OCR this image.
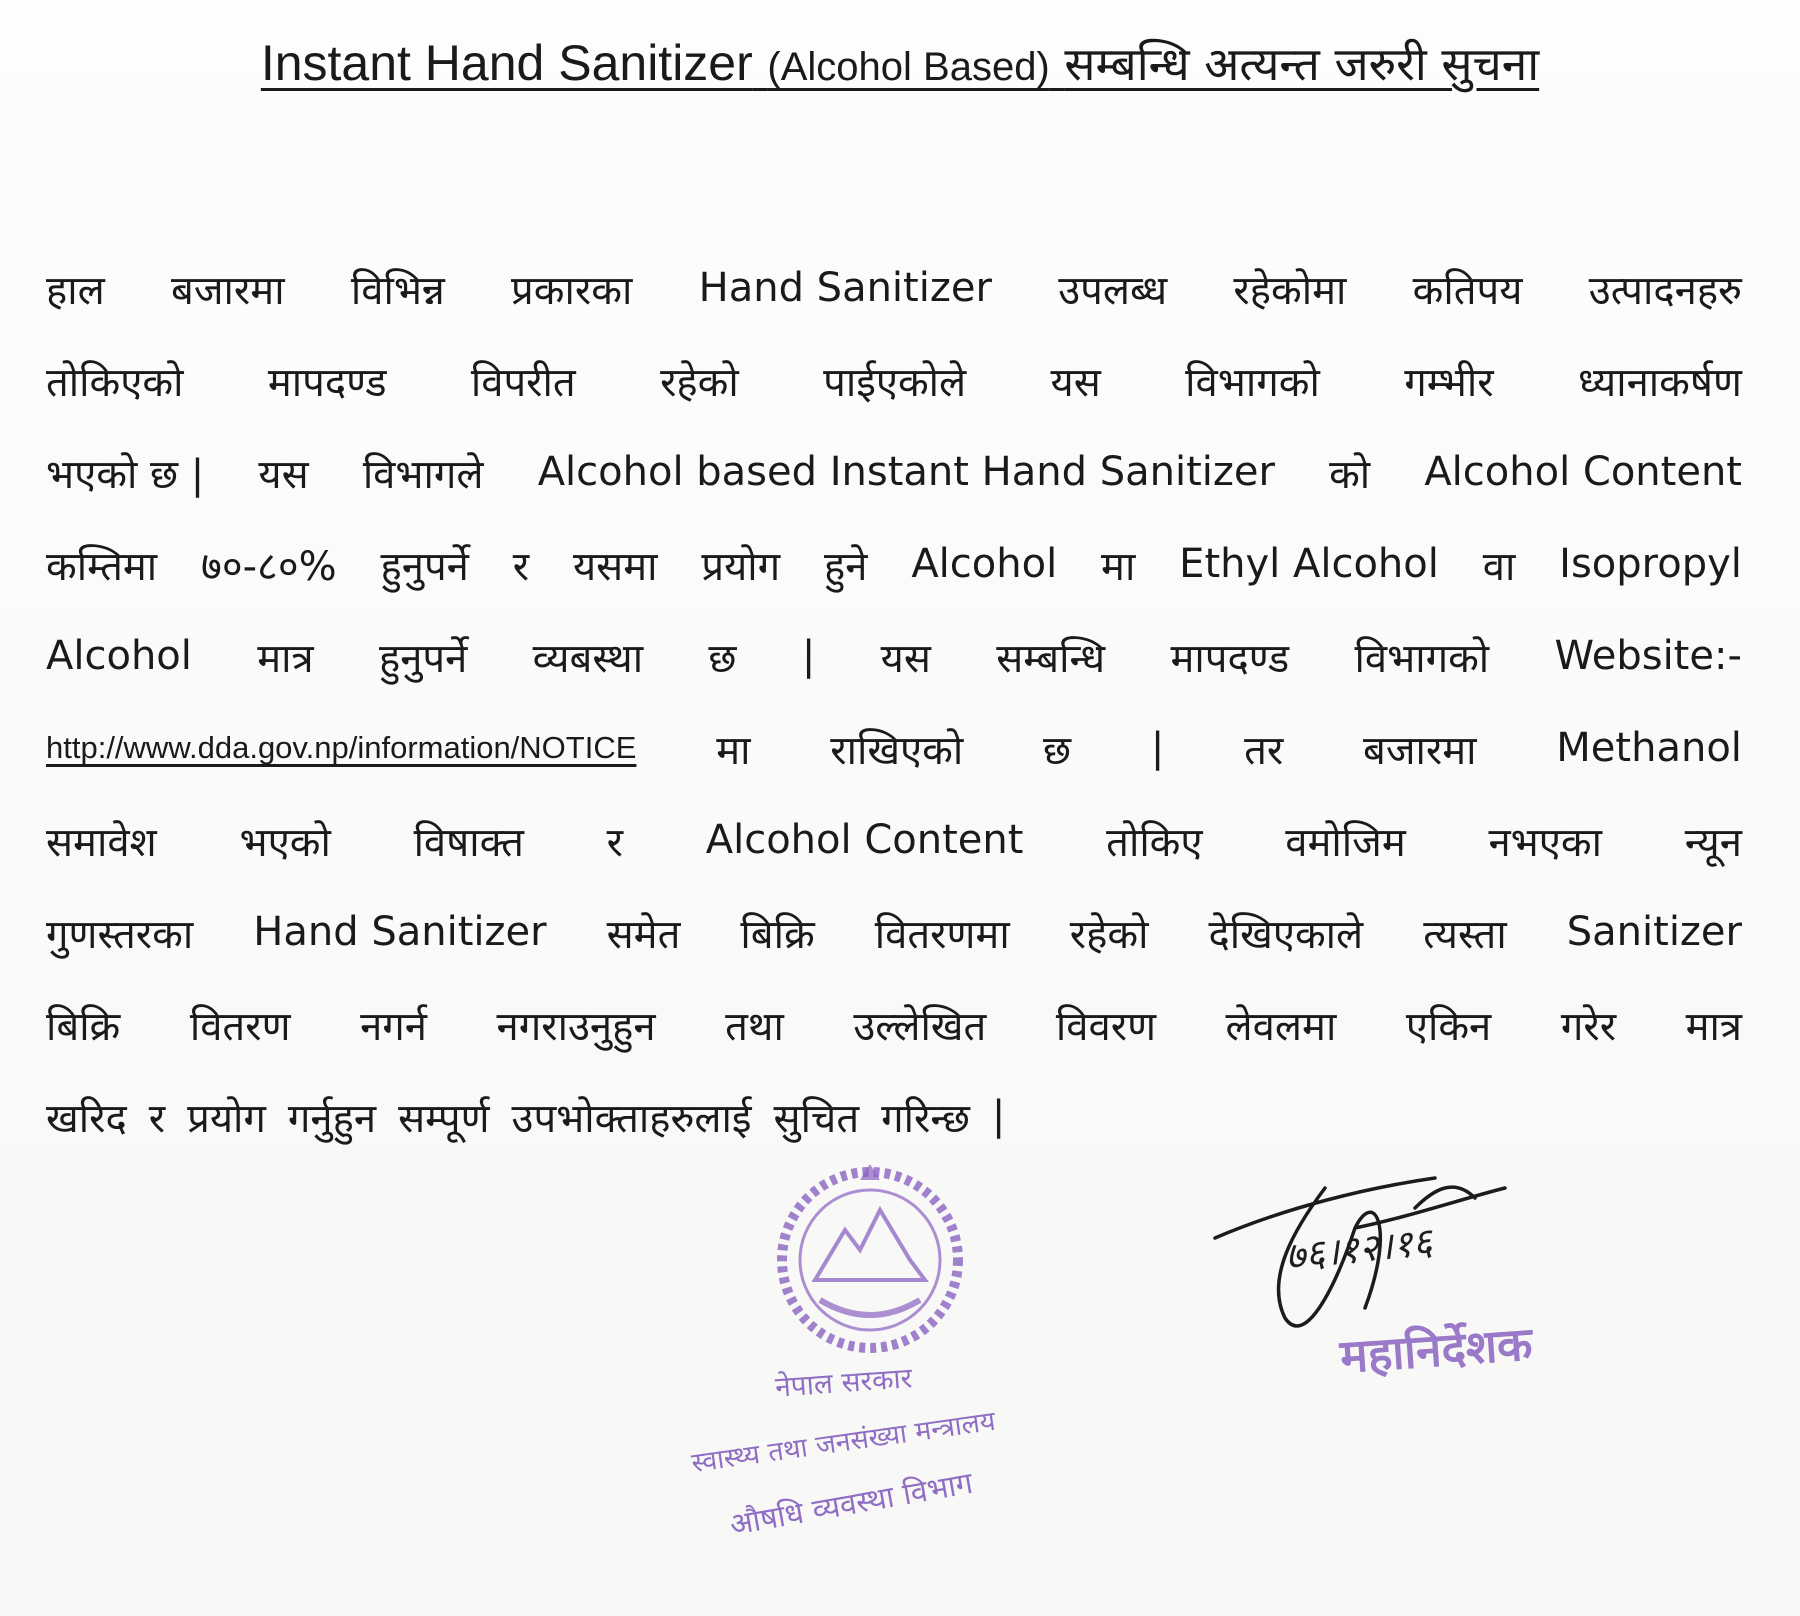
Instant Hand Sanitizer (Alcohol Based) सम्बन्धि अत्यन्त जरुरी सुचना
हाल बजारमा विभिन्न प्रकारका Hand Sanitizer उपलब्ध रहेकोमा कतिपय उत्पादनहरु
तोकिएको मापदण्ड विपरीत रहेको पाईएकोले यस विभागको गम्भीर ध्यानाकर्षण
भएको छ | यस विभागले Alcohol based Instant Hand Sanitizer को Alcohol Content
कम्तिमा ७०-८०% हुनुपर्ने र यसमा प्रयोग हुने Alcohol मा Ethyl Alcohol वा Isopropyl
Alcohol मात्र हुनुपर्ने व्यबस्था छ | यस सम्बन्धि मापदण्ड विभागको Website:-
http://www.dda.gov.np/information/NOTICE मा राखिएको छ | तर बजारमा Methanol
समावेश भएको विषाक्त र Alcohol Content तोकिए वमोजिम नभएका न्यून
गुणस्तरका Hand Sanitizer समेत बिक्रि वितरणमा रहेको देखिएकाले त्यस्ता Sanitizer
बिक्रि वितरण नगर्न नगराउनुहुन तथा उल्लेखित विवरण लेवलमा एकिन गरेर मात्र
खरिद र प्रयोग गर्नुहुन सम्पूर्ण उपभोक्ताहरुलाई सुचित गरिन्छ |
नेपाल सरकार
स्वास्थ्य तथा जनसंख्या मन्त्रालय
औषधि व्यवस्था विभाग
७६।१२।१६
महानिर्देशक
